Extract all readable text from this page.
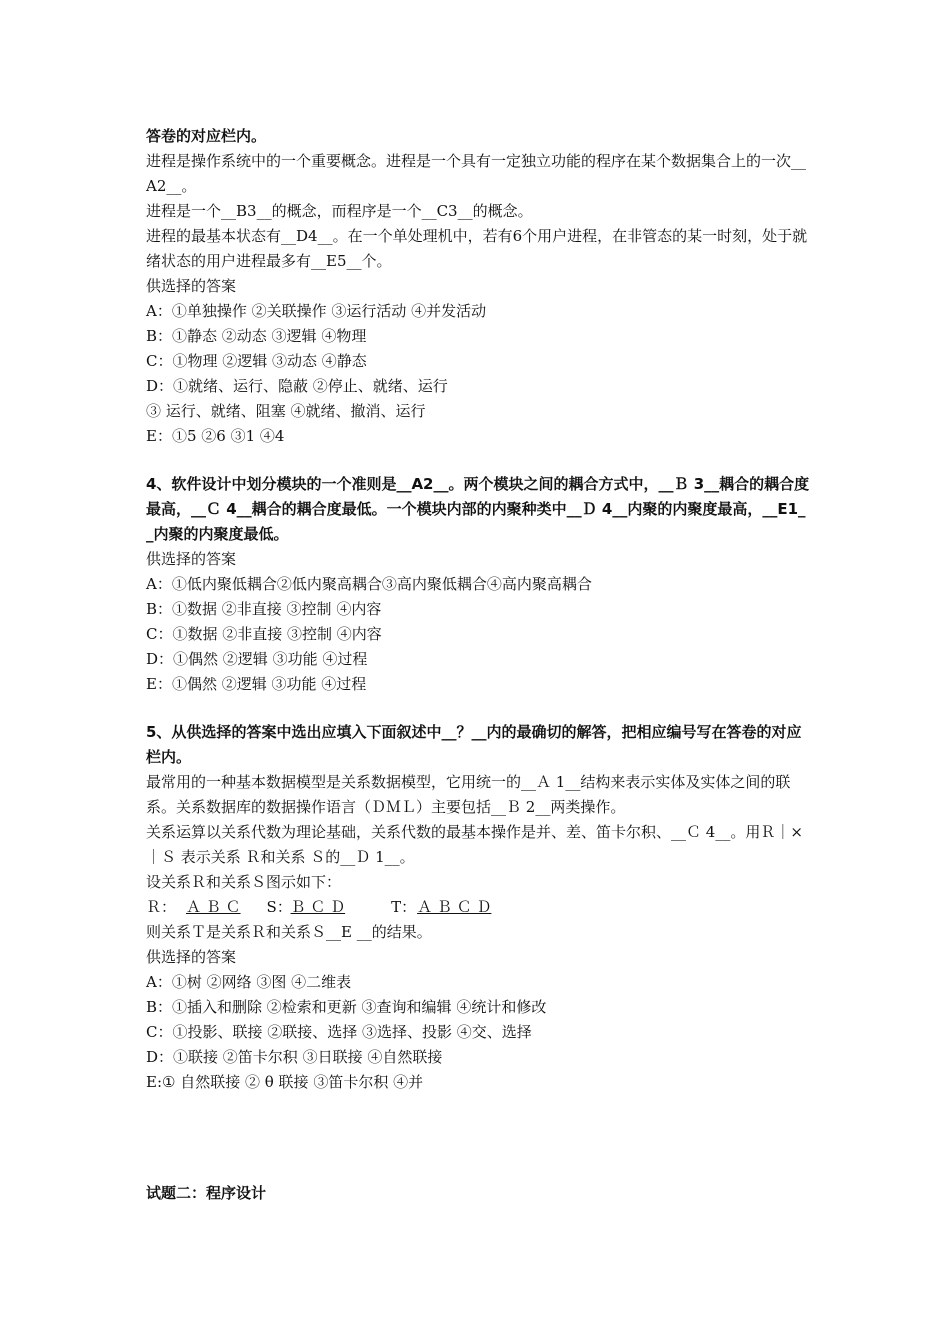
答卷的对应栏内。
进程是操作系统中的一个重要概念。进程是一个具有一定独立功能的程序在某个数据集合上的一次__A2__。
进程是一个__B3__的概念，而程序是一个__C3__的概念。
进程的最基本状态有__D4__。在一个单处理机中，若有6个用户进程，在非管态的某一时刻，处于就绪状态的用户进程最多有__E5__个。
供选择的答案
A：①单独操作 ②关联操作 ③运行活动 ④并发活动
B：①静态 ②动态 ③逻辑 ④物理
C：①物理 ②逻辑 ③动态 ④静态
D：①就绪、运行、隐蔽 ②停止、就绪、运行
③ 运行、就绪、阻塞 ④就绪、撤消、运行
E：①5 ②6 ③1 ④4
4、软件设计中划分模块的一个准则是__A2__。两个模块之间的耦合方式中，__Ｂ 3__耦合的耦合度最高，__Ｃ 4__耦合的耦合度最低。一个模块内部的内聚种类中__Ｄ 4__内聚的内聚度最高，__E1__内聚的内聚度最低。
供选择的答案
A：①低内聚低耦合②低内聚高耦合③高内聚低耦合④高内聚高耦合
B：①数据 ②非直接 ③控制 ④内容
C：①数据 ②非直接 ③控制 ④内容
D：①偶然 ②逻辑 ③功能 ④过程
E：①偶然 ②逻辑 ③功能 ④过程
5、从供选择的答案中选出应填入下面叙述中__？__内的最确切的解答，把相应编号写在答卷的对应栏内。
最常用的一种基本数据模型是关系数据模型，它用统一的__Ａ 1__结构来表示实体及实体之间的联系。关系数据库的数据操作语言（ＤＭＬ）主要包括__Ｂ 2__两类操作。
关系运算以关系代数为理论基础，关系代数的最基本操作是并、差、笛卡尔积、__Ｃ 4__。用Ｒ｜×｜Ｓ 表示关系 Ｒ和关系 Ｓ的__Ｄ 1__。
设关系Ｒ和关系Ｓ图示如下：
Ｒ： Ａ Ｂ Ｃ S：Ｂ Ｃ Ｄ	T：Ａ Ｂ Ｃ Ｄ
则关系Ｔ是关系Ｒ和关系Ｓ__E __的结果。
供选择的答案
A：①树 ②网络 ③图 ④二维表
B：①插入和删除 ②检索和更新 ③查询和编辑 ④统计和修改
C：①投影、联接 ②联接、选择 ③选择、投影 ④交、选择
D：①联接 ②笛卡尔积 ③日联接 ④自然联接
E:① 自然联接 ② θ 联接 ③笛卡尔积 ④并
试题二：程序设计
